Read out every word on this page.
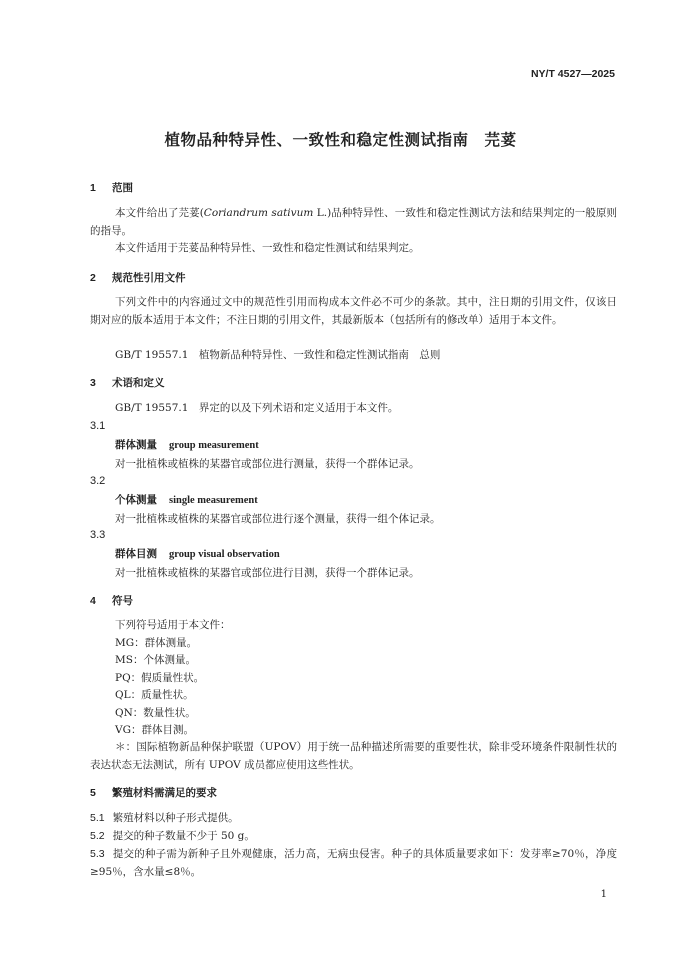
NY/T 4527—2025
植物品种特异性、一致性和稳定性测试指南　芫荽
1 范围
本文件给出了芫荽(Coriandrum sativum L.)品种特异性、一致性和稳定性测试方法和结果判定的一般原则的指导。
本文件适用于芫荽品种特异性、一致性和稳定性测试和结果判定。
2 规范性引用文件
下列文件中的内容通过文中的规范性引用而构成本文件必不可少的条款。其中，注日期的引用文件，仅该日期对应的版本适用于本文件；不注日期的引用文件，其最新版本（包括所有的修改单）适用于本文件。
GB/T 19557.1　植物新品种特异性、一致性和稳定性测试指南　总则
3 术语和定义
GB/T 19557.1　界定的以及下列术语和定义适用于本文件。
3.1
群体测量 group measurement
对一批植株或植株的某器官或部位进行测量，获得一个群体记录。
3.2
个体测量 single measurement
对一批植株或植株的某器官或部位进行逐个测量，获得一组个体记录。
3.3
群体目测 group visual observation
对一批植株或植株的某器官或部位进行目测，获得一个群体记录。
4 符号
下列符号适用于本文件：
MG：群体测量。
MS：个体测量。
PQ：假质量性状。
QL：质量性状。
QN：数量性状。
VG：群体目测。
＊：国际植物新品种保护联盟（UPOV）用于统一品种描述所需要的重要性状，除非受环境条件限制性状的表达状态无法测试，所有 UPOV 成员都应使用这些性状。
5 繁殖材料需满足的要求
5.1 繁殖材料以种子形式提供。
5.2 提交的种子数量不少于 50 g。
5.3 提交的种子需为新种子且外观健康，活力高，无病虫侵害。种子的具体质量要求如下：发芽率≥70％，净度≥95％，含水量≤8％。
1
